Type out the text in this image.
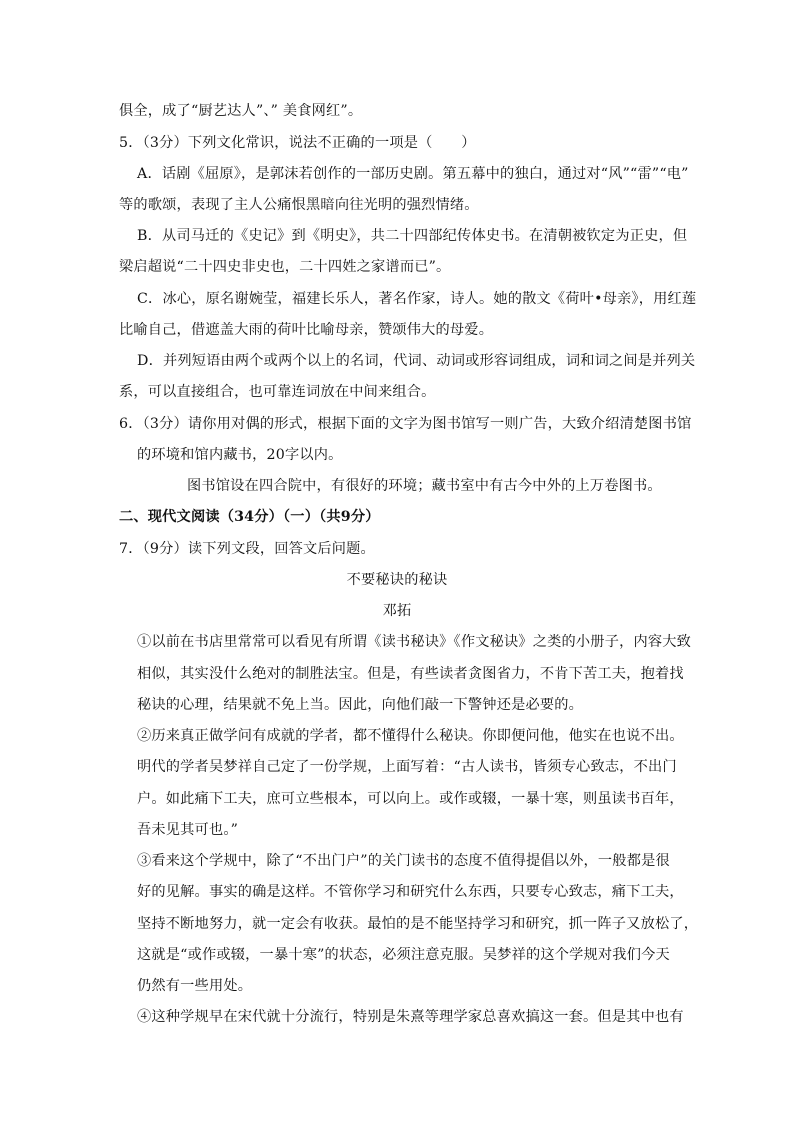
俱全，成了“厨艺达人”、” 美食网红”。
5．（3分）下列文化常识，说法不正确的一项是（　　）
A．话剧《屈原》，是郭沫若创作的一部历史剧。第五幕中的独白，通过对“风”“雷”“电”
等的歌颂，表现了主人公痛恨黑暗向往光明的强烈情绪。
B．从司马迁的《史记》到《明史》，共二十四部纪传体史书。在清朝被钦定为正史，但
梁启超说“二十四史非史也，二十四姓之家谱而已”。
C．冰心，原名谢婉莹，福建长乐人，著名作家，诗人。她的散文《荷叶•母亲》，用红莲
比喻自己，借遮盖大雨的荷叶比喻母亲，赞颂伟大的母爱。
D．并列短语由两个或两个以上的名词，代词、动词或形容词组成，词和词之间是并列关
系，可以直接组合，也可靠连词放在中间来组合。
6．（3分）请你用对偶的形式，根据下面的文字为图书馆写一则广告，大致介绍清楚图书馆
的环境和馆内藏书，20字以内。
图书馆设在四合院中，有很好的环境；藏书室中有古今中外的上万卷图书。
二、现代文阅读（34分）（一）（共9分）
7．（9分）读下列文段，回答文后问题。
不要秘诀的秘诀
邓拓
①以前在书店里常常可以看见有所谓《读书秘诀》《作文秘诀》之类的小册子，内容大致
相似，其实没什么绝对的制胜法宝。但是，有些读者贪图省力，不肯下苦工夫，抱着找
秘诀的心理，结果就不免上当。因此，向他们敲一下警钟还是必要的。
②历来真正做学问有成就的学者，都不懂得什么秘诀。你即便问他，他实在也说不出。
明代的学者吴梦祥自己定了一份学规，上面写着：“古人读书，皆须专心致志，不出门
户。如此痛下工夫，庶可立些根本，可以向上。或作或辍，一暴十寒，则虽读书百年，
吾未见其可也。”
③看来这个学规中，除了“不出门户”的关门读书的态度不值得提倡以外，一般都是很
好的见解。事实的确是这样。不管你学习和研究什么东西，只要专心致志，痛下工夫，
坚持不断地努力，就一定会有收获。最怕的是不能坚持学习和研究，抓一阵子又放松了，
这就是“或作或辍，一暴十寒”的状态，必须注意克服。吴梦祥的这个学规对我们今天
仍然有一些用处。
④这种学规早在宋代就十分流行，特别是朱熹等理学家总喜欢搞这一套。但是其中也有
